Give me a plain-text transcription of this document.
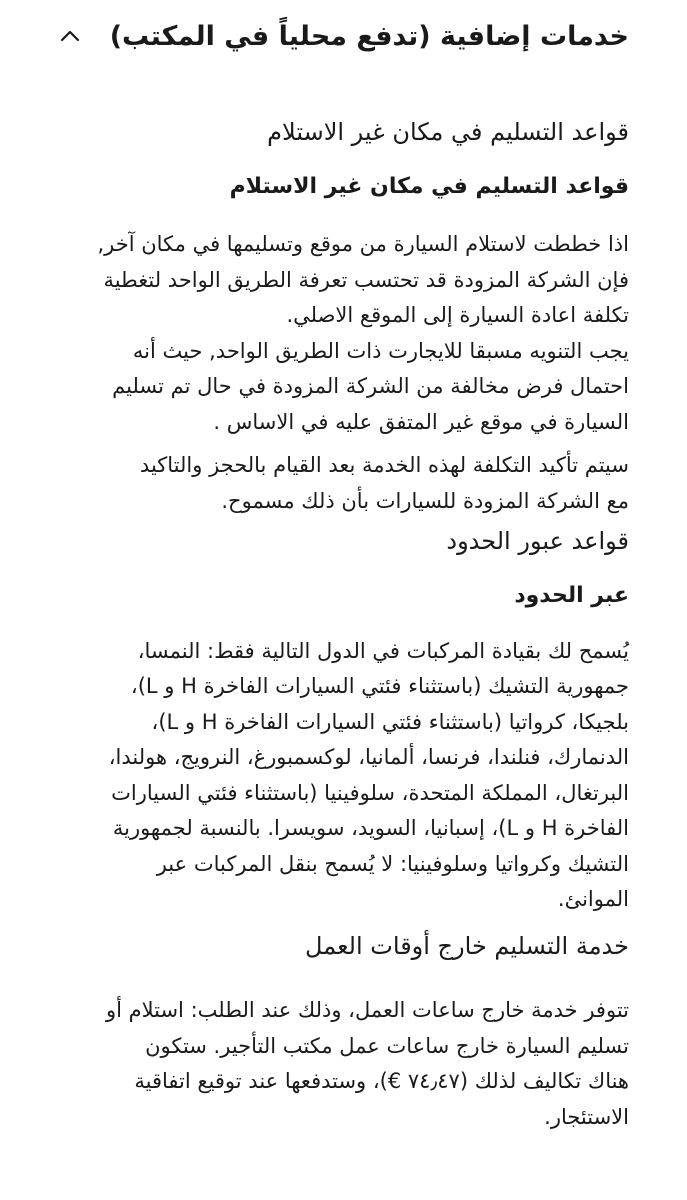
خدمات إضافية (تدفع محلياً في المكتب)
قواعد التسليم في مكان غير الاستلام
قواعد التسليم في مكان غير الاستلام

اذا خططت لاستلام السيارة من موقع وتسليمها في مكان آخر,
فإن الشركة المزودة قد تحتسب تعرفة الطريق الواحد لتغطية
تكلفة اعادة السيارة إلى الموقع الاصلي.
يجب التنويه مسبقا للايجارت ذات الطريق الواحد, حيث أنه
احتمال فرض مخالفة من الشركة المزودة في حال تم تسليم
السيارة في موقع غير المتفق عليه في الاساس .

سيتم تأكيد التكلفة لهذه الخدمة بعد القيام بالحجز والتاكيد
مع الشركة المزودة للسيارات بأن ذلك مسموح.

قواعد عبور الحدود
عبر الحدود

يُسمح لك بقيادة المركبات في الدول التالية فقط: النمسا،
جمهورية التشيك (باستثناء فئتي السيارات الفاخرة H و L)،
بلجيكا، كرواتيا (باستثناء فئتي السيارات الفاخرة H و L)،
الدنمارك، فنلندا، فرنسا، ألمانيا، لوكسمبورغ، النرويج، هولندا،
البرتغال، المملكة المتحدة، سلوفينيا (باستثناء فئتي السيارات
الفاخرة H و L)، إسبانيا، السويد، سويسرا. بالنسبة لجمهورية
التشيك وكرواتيا وسلوفينيا: لا يُسمح بنقل المركبات عبر
الموانئ.

خدمة التسليم خارج أوقات العمل

تتوفر خدمة خارج ساعات العمل، وذلك عند الطلب: استلام أو
تسليم السيارة خارج ساعات عمل مكتب التأجير. ستكون
هناك تكاليف لذلك (٧٤٫٤٧ €)، وستدفعها عند توقيع اتفاقية
الاستئجار.
